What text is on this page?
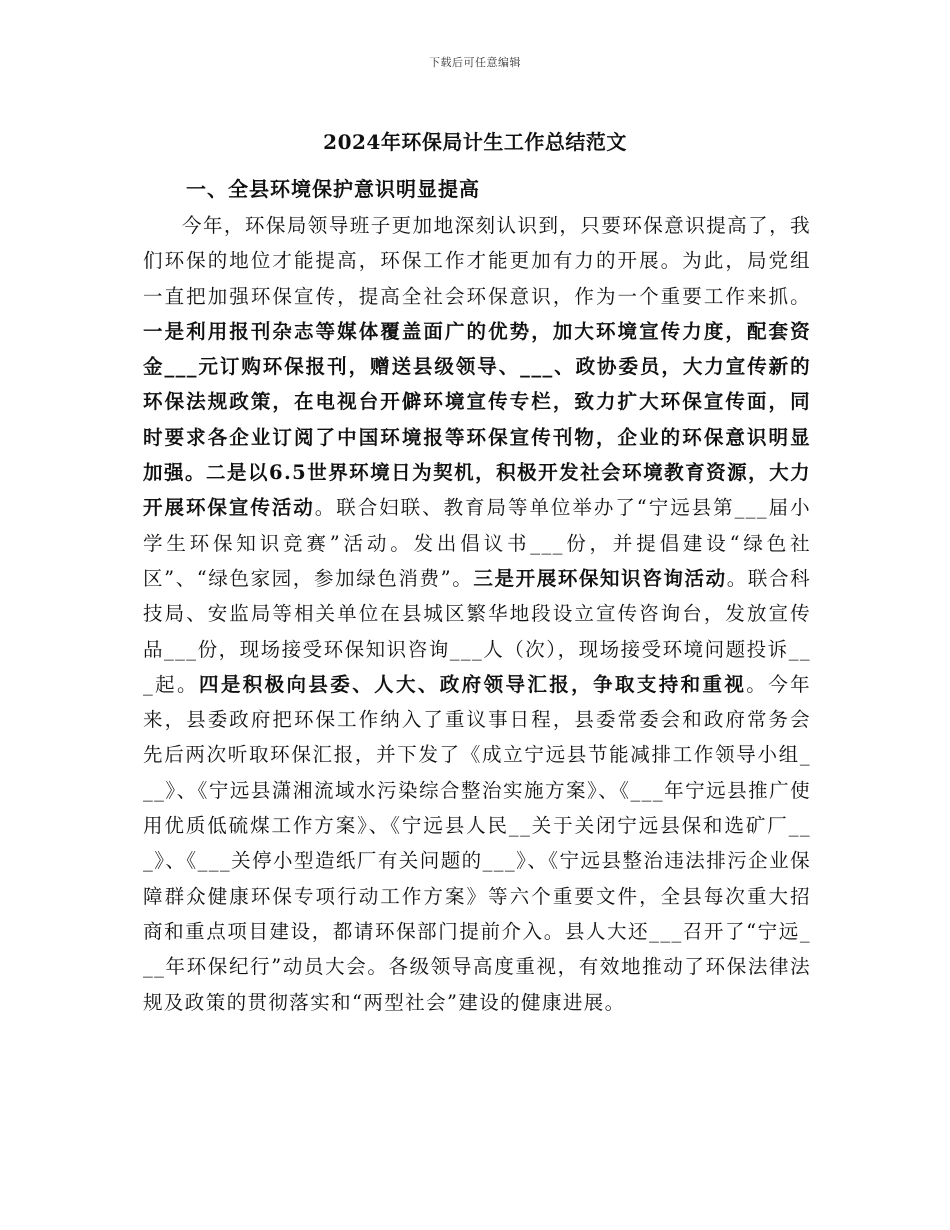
下载后可任意编辑
2024年环保局计生工作总结范文
一、全县环境保护意识明显提高

今年，环保局领导班子更加地深刻认识到，只要环保意识提高了，我们环保的地位才能提高，环保工作才能更加有力的开展。为此，局党组一直把加强环保宣传，提高全社会环保意识，作为一个重要工作来抓。一是利用报刊杂志等媒体覆盖面广的优势，加大环境宣传力度，配套资金___元订购环保报刊，赠送县级领导、___、政协委员，大力宣传新的环保法规政策，在电视台开僻环境宣传专栏，致力扩大环保宣传面，同时要求各企业订阅了中国环境报等环保宣传刊物，企业的环保意识明显加强。二是以6.5世界环境日为契机，积极开发社会环境教育资源，大力开展环保宣传活动。联合妇联、教育局等单位举办了“宁远县第___届小学生环保知识竞赛”活动。发出倡议书___份，并提倡建设“绿色社区”、“绿色家园，参加绿色消费”。三是开展环保知识咨询活动。联合科技局、安监局等相关单位在县城区繁华地段设立宣传咨询台，发放宣传品___份，现场接受环保知识咨询___人（次），现场接受环境问题投诉___起。四是积极向县委、人大、政府领导汇报，争取支持和重视。今年来，县委政府把环保工作纳入了重议事日程，县委常委会和政府常务会先后两次听取环保汇报，并下发了《成立宁远县节能减排工作领导小组___》、《宁远县潇湘流域水污染综合整治实施方案》、《___年宁远县推广使用优质低硫煤工作方案》、《宁远县人民__关于关闭宁远县保和选矿厂___》、《___关停小型造纸厂有关问题的___》、《宁远县整治违法排污企业保障群众健康环保专项行动工作方案》等六个重要文件，全县每次重大招商和重点项目建设，都请环保部门提前介入。县人大还___召开了“宁远___年环保纪行”动员大会。各级领导高度重视，有效地推动了环保法律法规及政策的贯彻落实和“两型社会”建设的健康进展。
